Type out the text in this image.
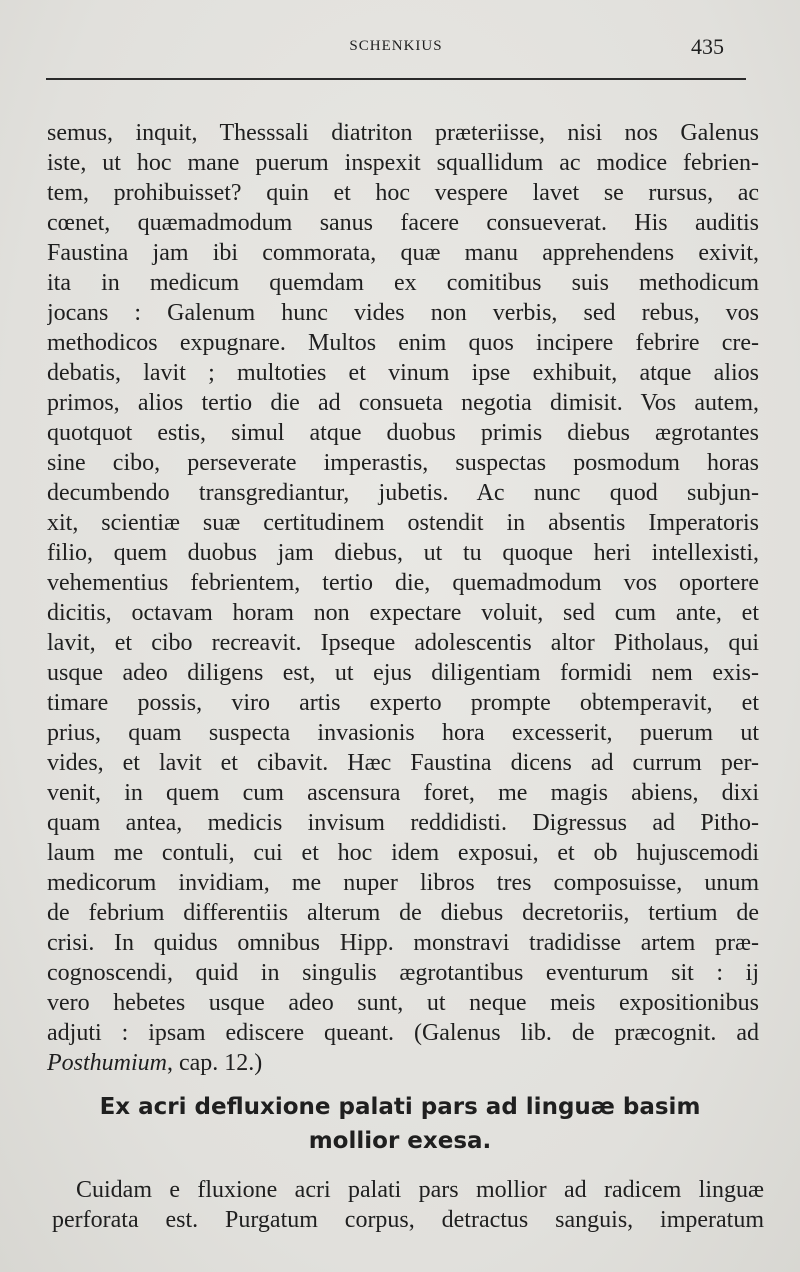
SCHENKIUS	435
semus, inquit, Thesssali diatriton præteriisse, nisi nos Galenus
iste, ut hoc mane puerum inspexit squallidum ac modice febrien-
tem, prohibuisset? quin et hoc vespere lavet se rursus, ac
cœnet, quæmadmodum sanus facere consueverat. His auditis
Faustina jam ibi commorata, quæ manu apprehendens exivit,
ita in medicum quemdam ex comitibus suis methodicum
jocans : Galenum hunc vides non verbis, sed rebus, vos
methodicos expugnare. Multos enim quos incipere febrire cre-
debatis, lavit ; multoties et vinum ipse exhibuit, atque alios
primos, alios tertio die ad consueta negotia dimisit. Vos autem,
quotquot estis, simul atque duobus primis diebus ægrotantes
sine cibo, perseverate imperastis, suspectas posmodum horas
decumbendo transgrediantur, jubetis. Ac nunc quod subjun-
xit, scientiæ suæ certitudinem ostendit in absentis Imperatoris
filio, quem duobus jam diebus, ut tu quoque heri intellexisti,
vehementius febrientem, tertio die, quemadmodum vos oportere
dicitis, octavam horam non expectare voluit, sed cum ante, et
lavit, et cibo recreavit. Ipseque adolescentis altor Pitholaus, qui
usque adeo diligens est, ut ejus diligentiam formidi nem exis-
timare possis, viro artis experto prompte obtemperavit, et
prius, quam suspecta invasionis hora excesserit, puerum ut
vides, et lavit et cibavit. Hæc Faustina dicens ad currum per-
venit, in quem cum ascensura foret, me magis abiens, dixi
quam antea, medicis invisum reddidisti. Digressus ad Pitho-
laum me contuli, cui et hoc idem exposui, et ob hujuscemodi
medicorum invidiam, me nuper libros tres composuisse, unum
de febrium differentiis alterum de diebus decretoriis, tertium de
crisi. In quidus omnibus Hipp. monstravi tradidisse artem præ-
cognoscendi, quid in singulis ægrotantibus eventurum sit : ij
vero hebetes usque adeo sunt, ut neque meis expositionibus
adjuti : ipsam ediscere queant. (Galenus lib. de præcognit. ad
Posthumium, cap. 12.)
Ex acri defluxione palati pars ad linguæ basim
mollior exesa.
Cuidam e fluxione acri palati pars mollior ad radicem linguæ
perforata est. Purgatum corpus, detractus sanguis, imperatum
